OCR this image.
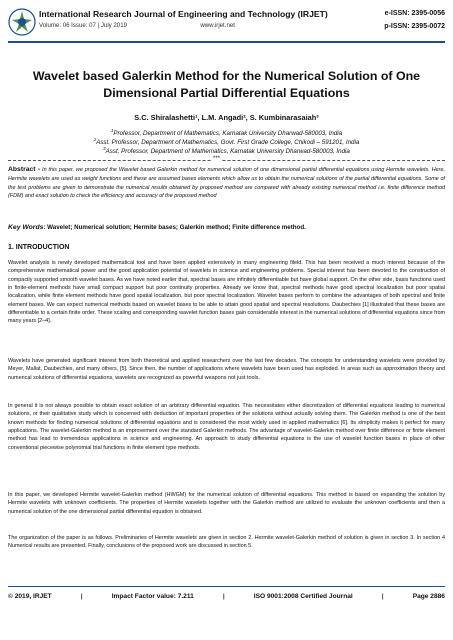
International Research Journal of Engineering and Technology (IRJET)
Volume: 06 Issue: 07 | July 2019	www.irjet.net
e-ISSN: 2395-0056
p-ISSN: 2395-0072
Wavelet based Galerkin Method for the Numerical Solution of One Dimensional Partial Differential Equations
S.C. Shiralashetti¹, L.M. Angadi², S. Kumbinarasaiah³
$^1$Professor, Department of Mathematics, Karnatak University Dharwad-580003, India
$^2$Asst. Professor, Department of Mathematics, Govt. First Grade College, Chikodi – 591201, India
$^3$Asst. Professor, Department of Mathematics, Karnatak University Dharwad-580003, India
***
Abstract - In this paper, we proposed the Wavelet based Galerkin method for numerical solution of one dimensional partial differential equations using Hermite wavelets. Here, Hermite wavelets are used as weight functions and these are assumed bases elements which allow us to obtain the numerical solutions of the partial differential equations. Some of the test problems are given to demonstrate the numerical results obtained by proposed method are compared with already existing numerical method i.e. finite difference method (FDM) and exact solution to check the efficiency and accuracy of the proposed method
Key Words: Wavelet; Numerical solution; Hermite bases; Galerkin method; Finite difference method.
1. INTRODUCTION
Wavelet analysis is newly developed mathematical tool and have been applied extensively in many engineering fileld. This has been received a much interest because of the comprehensive mathematical power and the good application potential of wavelets in science and engineering problems. Special interest has been devoted to the construction of compactly supported smooth wavelet bases. As we have noted earlier that, spectral bases are infinitely differentiable but have global support. On the other side, basis functions used in finite-element methods have small compact support but poor continuity properties. Already we know that, spectral methods have good spectral localization but poor spatial localization, while finite element methods have good spatial localization, but poor spectral localization. Wavelet bases perform to combine the advantages of both spectral and finite element bases. We can expect numerical methods based on wavelet bases to be able to attain good spatial and spectral resolutions. Daubechies [1] illustrated that these bases are differentiable to a certain finite order. These scaling and corresponding wavelet function bases gain considerable interest in the numerical solutions of differential equations since from many years [2–4].
Wavelets have generated significant interest from both theoretical and applied researchers over the last few decades. The concepts for understanding wavelets were provided by Meyer, Mallat, Daubechies, and many others, [5]. Since then, the number of applications where wavelets have been used has exploded. In areas such as approximation theory and numerical solutions of differential equations, wavelets are recognized as powerful weapons not just tools.
In general it is not always possible to obtain exact solution of an arbitrary differential equation. This necessitates either discretization of differential equations leading to numerical solutions, or their qualitative study which is concerned with deduction of important properties of the solutions without actually solving them. The Galerkin method is one of the best known methods for finding numerical solutions of differential equations and is considered the most widely used in applied mathematics [6]. Its simplicity makes it perfect for many applications. The wavelet-Galerkin method is an improvement over the standard Galerkin methods. The advantage of wavelet-Galerkin method over finite difference or finite element method has lead to tremendous applications in science and engineering. An approach to study differential equations is the use of wavelet function bases in place of other conventional piecewise polynomial trial functions in finite element type methods.
In this paper, we developed Hermite wavelet-Galerkin method (HWGM) for the numerical solution of differential equations. This method is based on expanding the solution by Hermite wavelets with unknown coefficients. The properties of Hermite wavelets together with the Galerkin method are utilized to evaluate the unknown coefficients and then a numerical solution of the one dimensional partial differential equation is obtained.
The organization of the paper is as follows. Preliminaries of Hermite wavelets are given in section 2. Hermite wavelet-Galerkin method of solution is given in section 3. In section 4 Numerical results are presented. Finally, conclusions of the proposed work are discussed in section 5.
© 2019, IRJET	|	Impact Factor value: 7.211	|	ISO 9001:2008 Certified Journal	|	Page 2886
